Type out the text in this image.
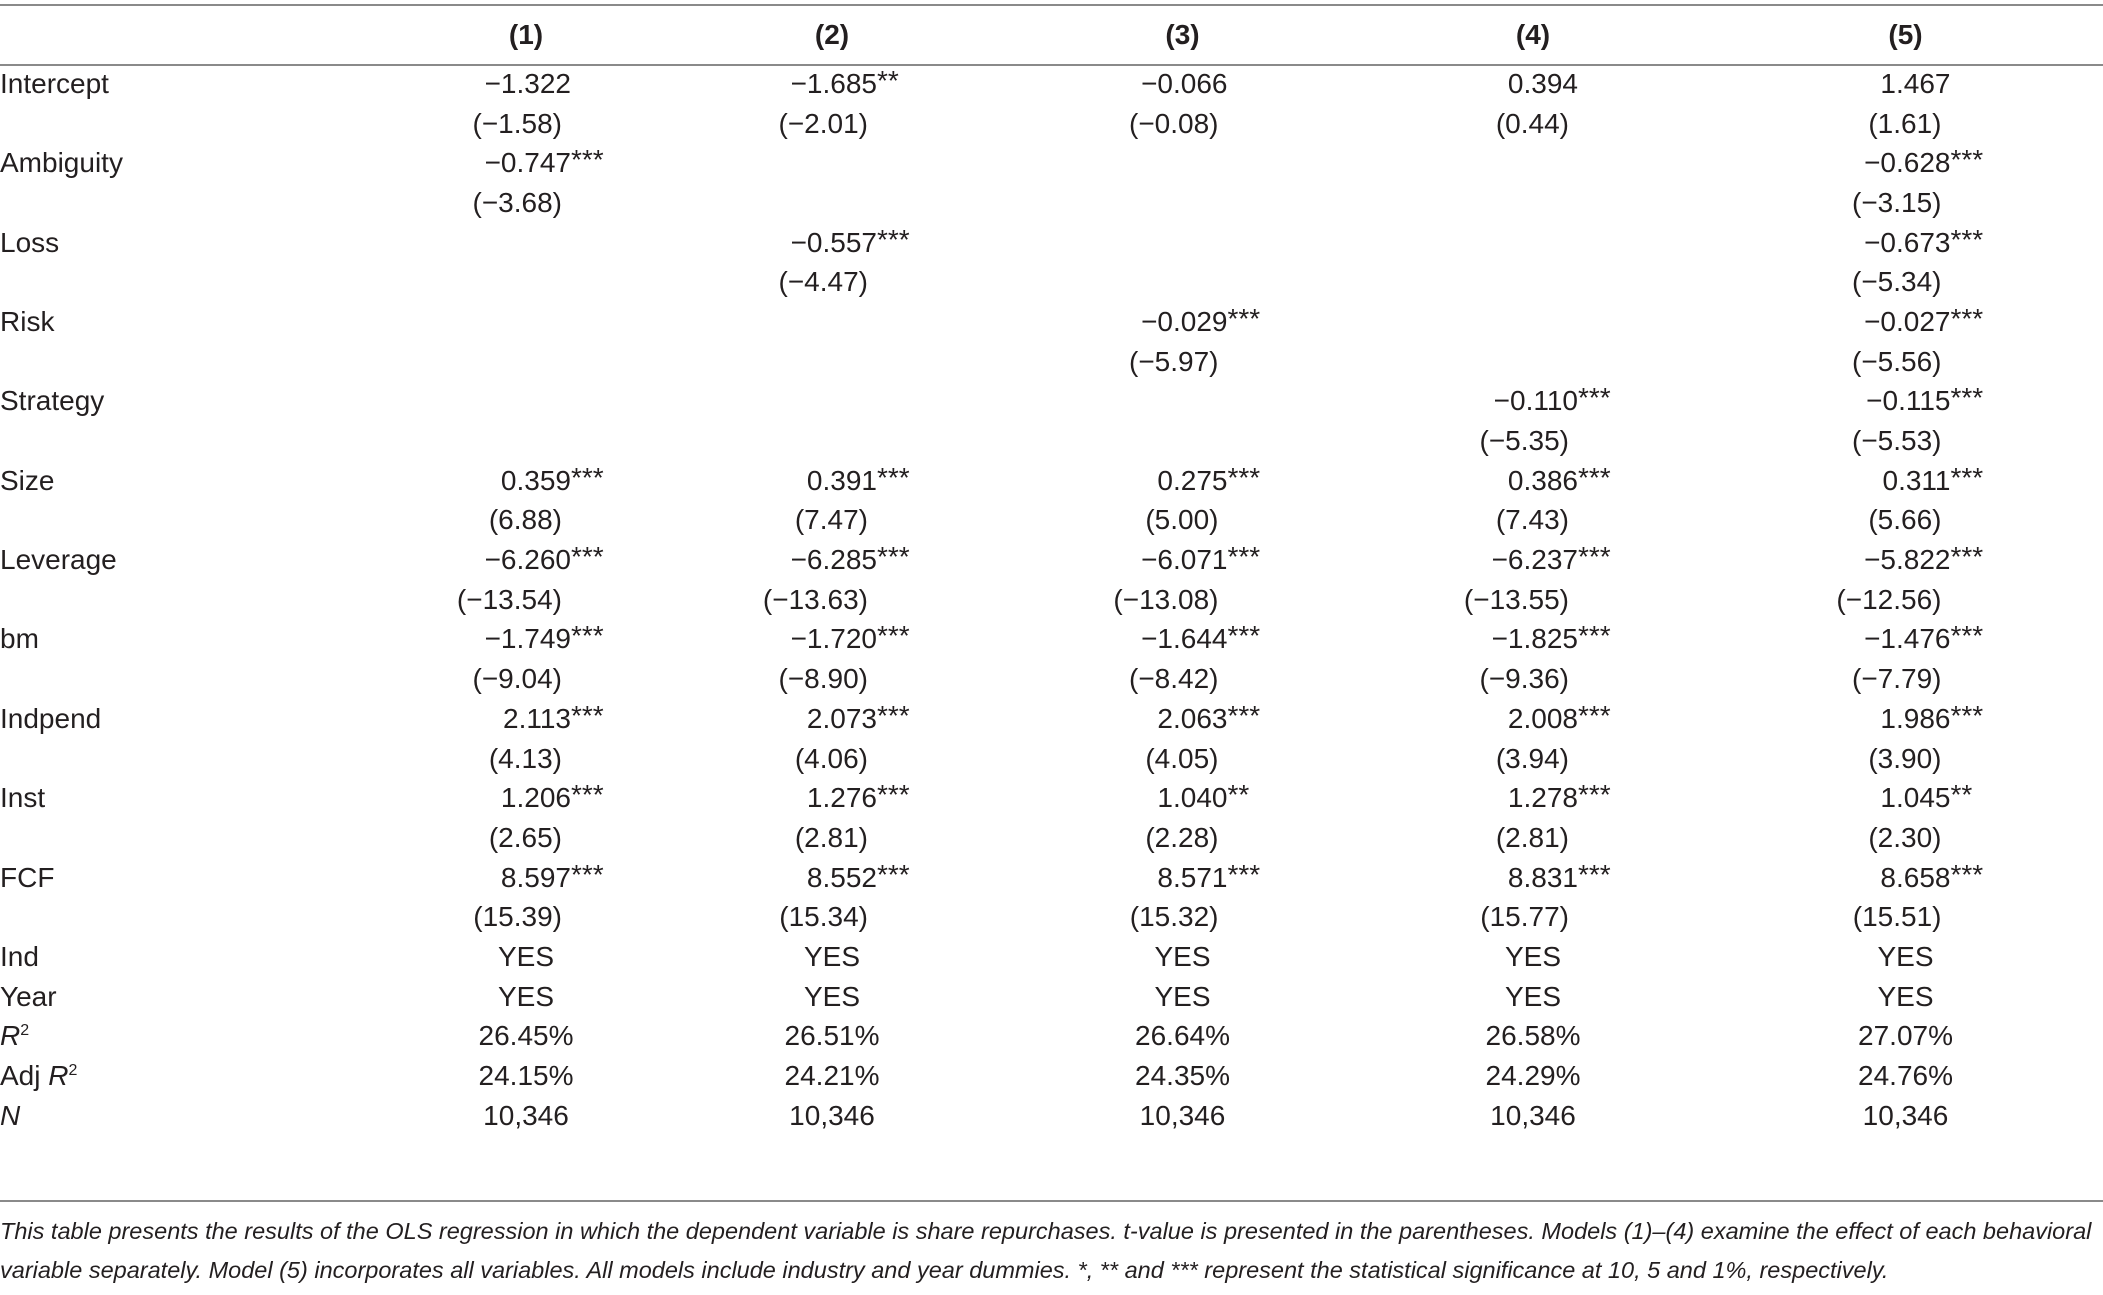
	(1)	(2)	(3)	(4)	(5)
Intercept	−1.322	−1.685 **	−0.066	0.394	1.467

	(−1.58)	(−2.01)	(−0.08)	(0.44)	(1.61)

Ambiguity	−0.747 ***				−0.628 ***

	(−3.68)				(−3.15)

Loss		−0.557 ***			−0.673 ***

		(−4.47)			(−5.34)

Risk			−0.029 ***		−0.027 ***

			(−5.97)		(−5.56)

Strategy				−0.110 ***	−0.115 ***

				(−5.35)	(−5.53)

Size	0.359 ***	0.391 ***	0.275 ***	0.386 ***	0.311 ***

	(6.88)	(7.47)	(5.00)	(7.43)	(5.66)

Leverage	−6.260 ***	−6.285 ***	−6.071 ***	−6.237 ***	−5.822 ***

	(−13.54)	(−13.63)	(−13.08)	(−13.55)	(−12.56)

bm	−1.749 ***	−1.720 ***	−1.644 ***	−1.825 ***	−1.476 ***

	(−9.04)	(−8.90)	(−8.42)	(−9.36)	(−7.79)

Indpend	2.113 ***	2.073 ***	2.063 ***	2.008 ***	1.986 ***

	(4.13)	(4.06)	(4.05)	(3.94)	(3.90)

Inst	1.206 ***	1.276 ***	1.040 **	1.278 ***	1.045 **

	(2.65)	(2.81)	(2.28)	(2.81)	(2.30)

FCF	8.597 ***	8.552 ***	8.571 ***	8.831 ***	8.658 ***

	(15.39)	(15.34)	(15.32)	(15.77)	(15.51)

Ind	YES	YES	YES	YES	YES

Year	YES	YES	YES	YES	YES

$R^2$	26.45%	26.51%	26.64%	26.58%	27.07%

Adj $R^2$	24.15%	24.21%	24.35%	24.29%	24.76%

N	10,346	10,346	10,346	10,346	10,346

This table presents the results of the OLS regression in which the dependent variable is share repurchases. t-value is presented in the parentheses. Models (1)–(4) examine the effect of each behavioral variable separately. Model (5) incorporates all variables. All models include industry and year dummies. *, ** and *** represent the statistical significance at 10, 5 and 1%, respectively.
